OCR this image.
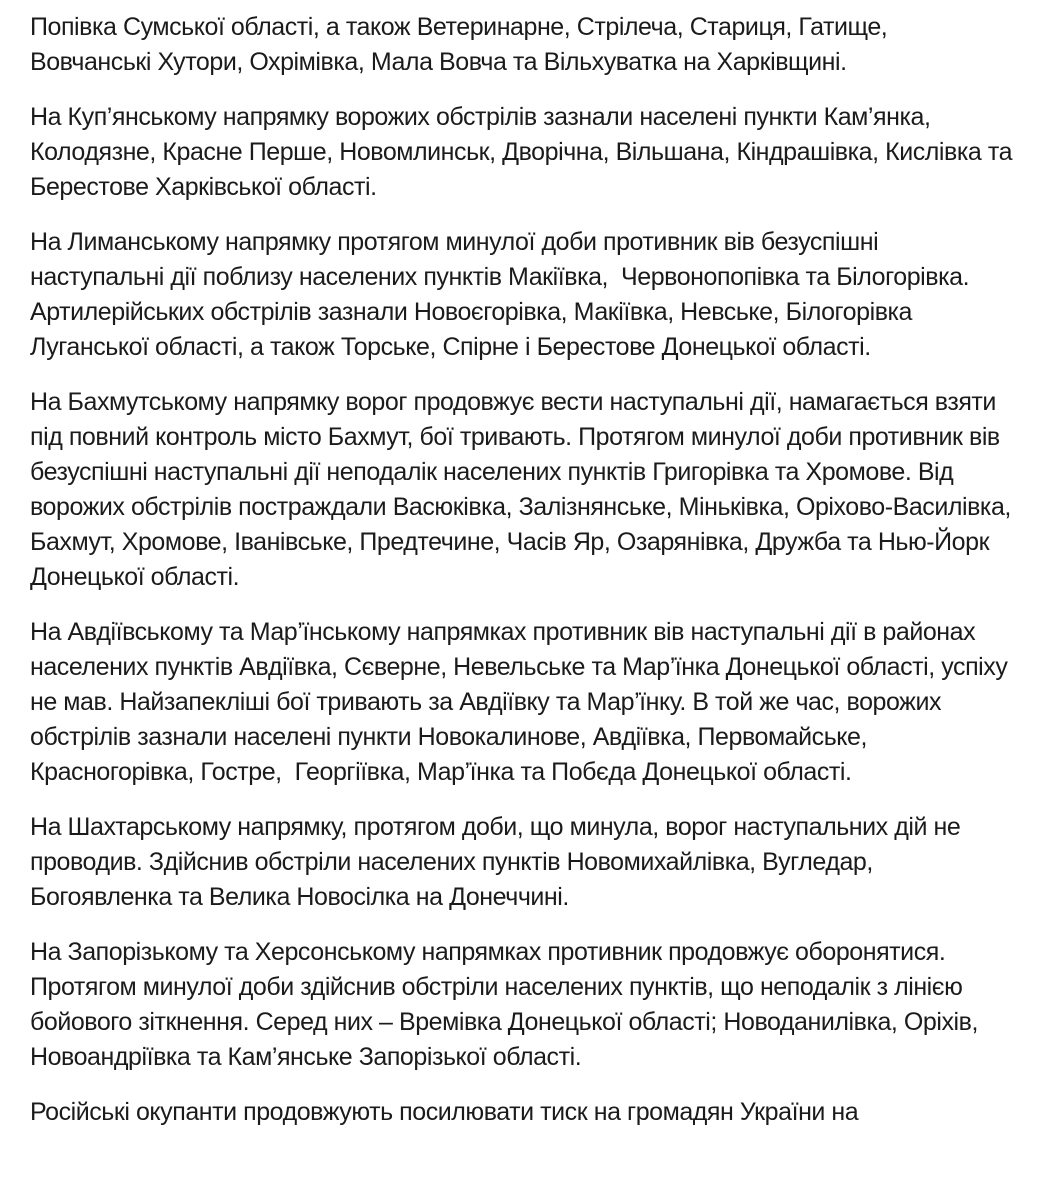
Попівка Сумської області, а також Ветеринарне, Стрілеча, Стариця, Гатище, Вовчанські Хутори, Охрімівка, Мала Вовча та Вільхуватка на Харківщині.

На Куп’янському напрямку ворожих обстрілів зазнали населені пункти Кам’янка, Колодязне, Красне Перше, Новомлинськ, Дворічна, Вільшана, Кіндрашівка, Кислівка та Берестове Харківської області.

На Лиманському напрямку протягом минулої доби противник вів безуспішні наступальні дії поблизу населених пунктів Макіївка,  Червонопопівка та Білогорівка. Артилерійських обстрілів зазнали Новоєгорівка, Макіївка, Невське, Білогорівка Луганської області, а також Торське, Спірне і Берестове Донецької області.

На Бахмутському напрямку ворог продовжує вести наступальні дії, намагається взяти під повний контроль місто Бахмут, бої тривають. Протягом минулої доби противник вів безуспішні наступальні дії неподалік населених пунктів Григорівка та Хромове. Від ворожих обстрілів постраждали Васюківка, Залізнянське, Міньківка, Оріхово-Василівка, Бахмут, Хромове, Іванівське, Предтечине, Часів Яр, Озарянівка, Дружба та Нью-Йорк Донецької області.

На Авдіївському та Мар’їнському напрямках противник вів наступальні дії в районах населених пунктів Авдіївка, Сєверне, Невельське та Мар’їнка Донецької області, успіху не мав. Найзапекліші бої тривають за Авдіївку та Мар’їнку. В той же час, ворожих обстрілів зазнали населені пункти Новокалинове, Авдіївка, Первомайське, Красногорівка, Гостре,  Георгіївка, Мар’їнка та Побєда Донецької області.

На Шахтарському напрямку, протягом доби, що минула, ворог наступальних дій не проводив. Здійснив обстріли населених пунктів Новомихайлівка, Вугледар, Богоявленка та Велика Новосілка на Донеччині.

На Запорізькому та Херсонському напрямках противник продовжує оборонятися. Протягом минулої доби здійснив обстріли населених пунктів, що неподалік з лінією бойового зіткнення. Серед них – Времівка Донецької області; Новоданилівка, Оріхів, Новоандріївка та Кам’янське Запорізької області.

Російські окупанти продовжують посилювати тиск на громадян України на
